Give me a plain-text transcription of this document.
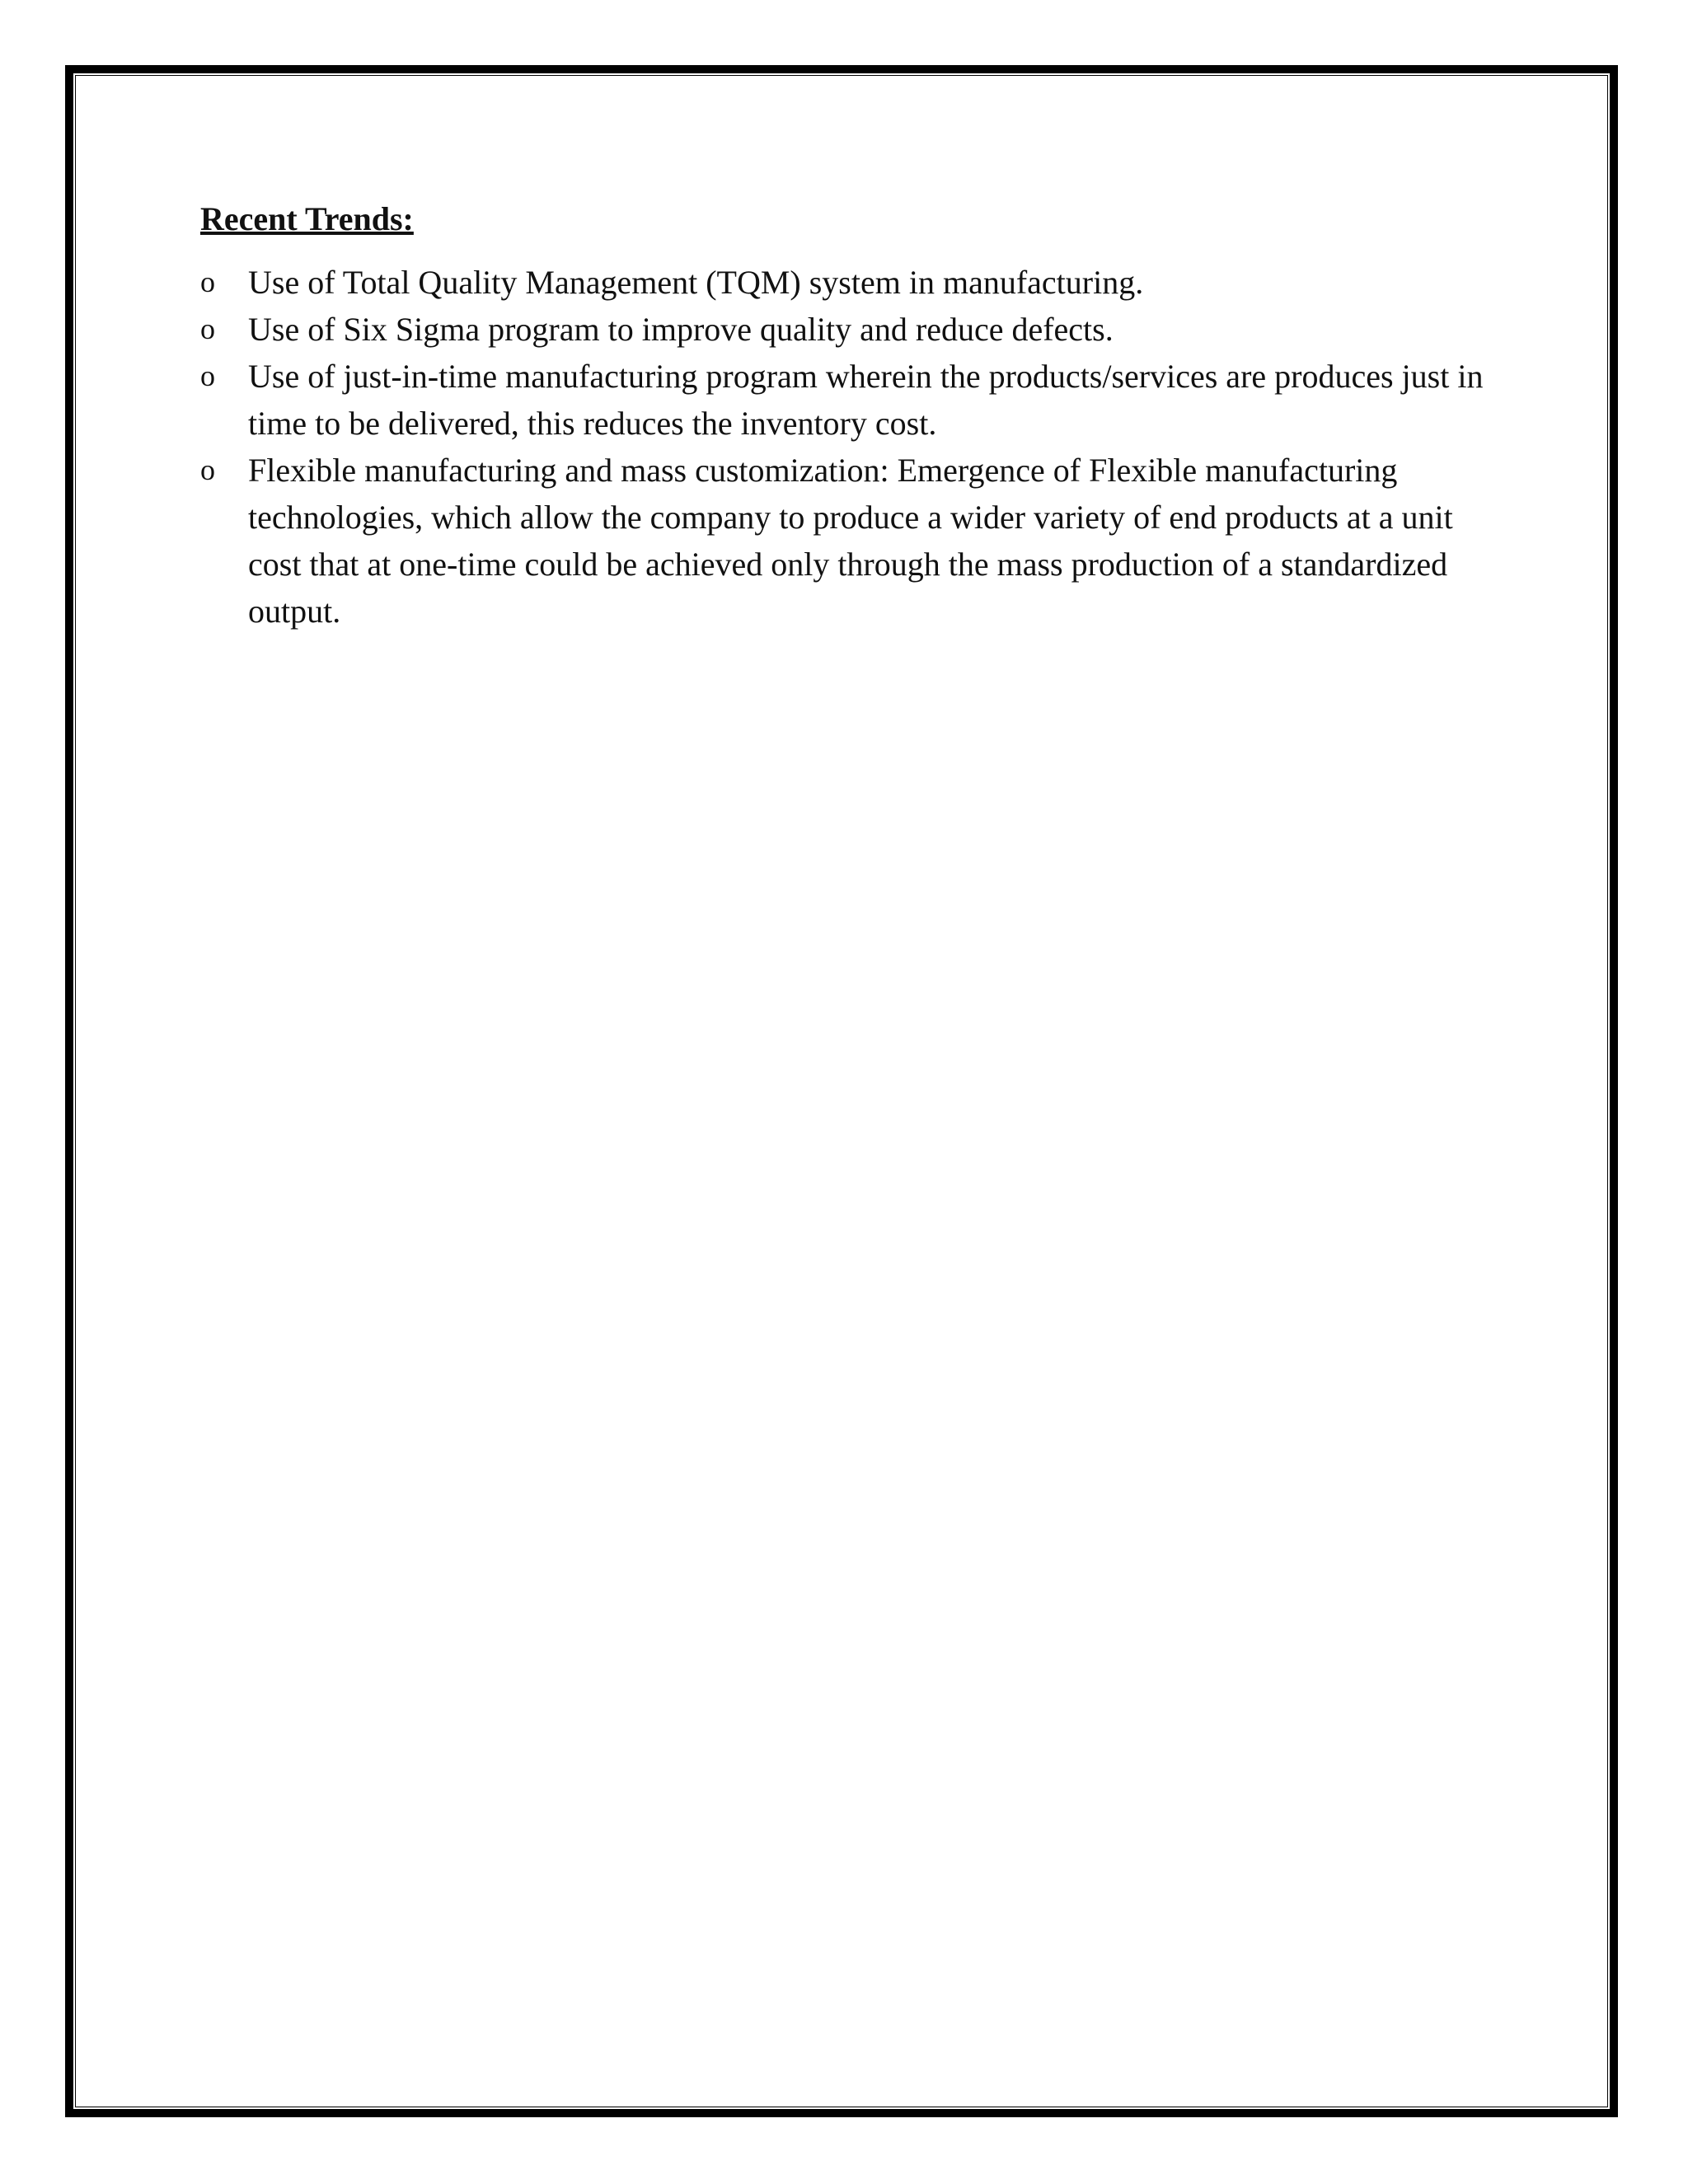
Recent Trends:
o	Use of Total Quality Management (TQM) system in manufacturing.
o	Use of Six Sigma program to improve quality and reduce defects.
o	Use of just-in-time manufacturing program wherein the products/services are produces just in time to be delivered, this reduces the inventory cost.
o	Flexible manufacturing and mass customization: Emergence of Flexible manufacturing technologies, which allow the company to produce a wider variety of end products at a unit cost that at one-time could be achieved only through the mass production of a standardized output.
